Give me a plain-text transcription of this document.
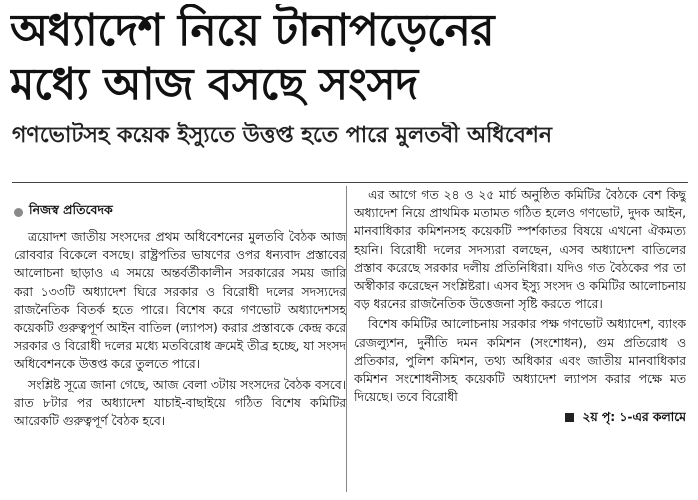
অধ্যাদেশ নিয়ে টানাপড়েনের
মধ্যে আজ বসছে সংসদ
গণভোটসহ কয়েক ইস্যুতে উত্তপ্ত হতে পারে মুলতবী অধিবেশন
নিজস্ব প্রতিবেদক

ত্রয়োদশ জাতীয় সংসদের প্রথম অধিবেশনের মুলতবি বৈঠক আজ রোববার বিকেলে বসছে। রাষ্ট্রপতির ভাষণের ওপর ধন্যবাদ প্রস্তাবের আলোচনা ছাড়াও এ সময়ে অন্তর্বর্তীকালীন সরকারের সময় জারি করা ১৩৩টি অধ্যাদেশ ঘিরে সরকার ও বিরোধী দলের সদস্যদের রাজনৈতিক বিতর্ক হতে পারে। বিশেষ করে গণভোট অধ্যাদেশসহ কয়েকটি গুরুত্বপূর্ণ আইন বাতিল (ল্যাপস) করার প্রস্তাবকে কেন্দ্র করে সরকার ও বিরোধী দলের মধ্যে মতবিরোধ ক্রমেই তীব্র হচ্ছে, যা সংসদ অধিবেশনকে উত্তপ্ত করে তুলতে পারে।

সংশ্লিষ্ট সূত্রে জানা গেছে, আজ বেলা ৩টায় সংসদের বৈঠক বসবে। রাত ৮টার পর অধ্যাদেশ যাচাই-বাছাইয়ে গঠিত বিশেষ কমিটির আরেকটি গুরুত্বপূর্ণ বৈঠক হবে।

এর আগে গত ২৪ ও ২৫ মার্চ অনুষ্ঠিত কমিটির বৈঠকে বেশ কিছু অধ্যাদেশ নিয়ে প্রাথমিক মতামত গঠিত হলেও গণভোট, দুদক আইন, মানবাধিকার কমিশনসহ কয়েকটি স্পর্শকাতর বিষয়ে এখনো ঐকমত্য হয়নি। বিরোধী দলের সদস্যরা বলছেন, এসব অধ্যাদেশ বাতিলের প্রস্তাব করেছে সরকার দলীয় প্রতিনিধিরা। যদিও গত বৈঠকের পর তা অস্বীকার করেছেন সংশ্লিষ্টরা। এসব ইস্যু সংসদ ও কমিটির আলোচনায় বড় ধরনের রাজনৈতিক উত্তেজনা সৃষ্টি করতে পারে।

বিশেষ কমিটির আলোচনায় সরকার পক্ষ গণভোট অধ্যাদেশ, ব্যাংক রেজল্যুশন, দুর্নীতি দমন কমিশন (সংশোধন), গুম প্রতিরোধ ও প্রতিকার, পুলিশ কমিশন, তথ্য অধিকার এবং জাতীয় মানবাধিকার কমিশন সংশোধনীসহ কয়েকটি অধ্যাদেশ ল্যাপস করার পক্ষে মত দিয়েছে। তবে বিরোধী

২য় পৃ: ১-এর কলামে
